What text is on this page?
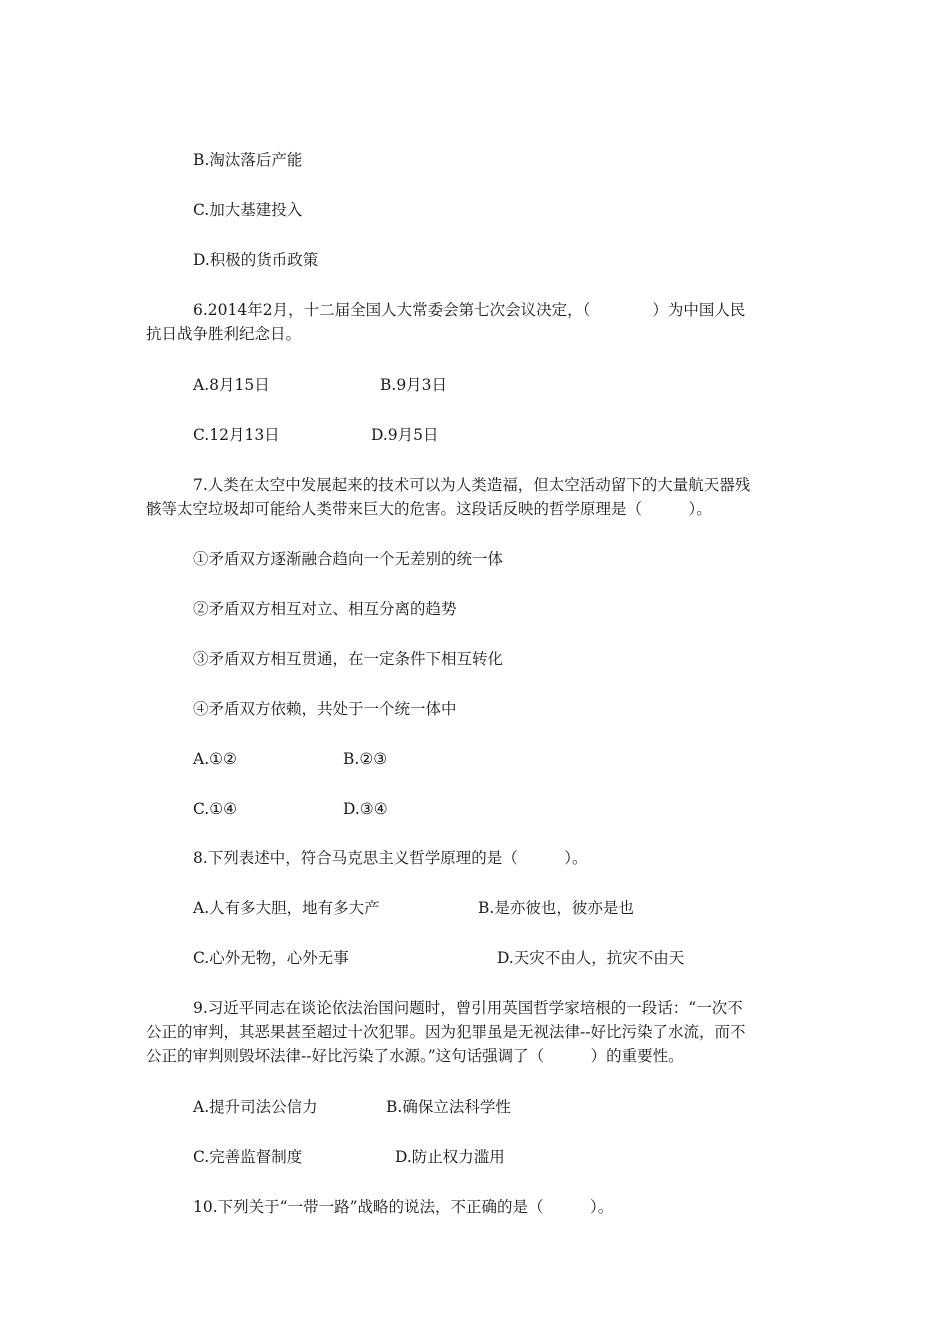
B.淘汰落后产能
C.加大基建投入
D.积极的货币政策
6.2014年2月，十二届全国人大常委会第七次会议决定，（　　　　）为中国人民
抗日战争胜利纪念日。
A.8月15日	B.9月3日
C.12月13日	D.9月5日
7.人类在太空中发展起来的技术可以为人类造福，但太空活动留下的大量航天器残
骸等太空垃圾却可能给人类带来巨大的危害。这段话反映的哲学原理是（　　　）。
①矛盾双方逐渐融合趋向一个无差别的统一体
②矛盾双方相互对立、相互分离的趋势
③矛盾双方相互贯通，在一定条件下相互转化
④矛盾双方依赖，共处于一个统一体中
A.①②	B.②③
C.①④	D.③④
8.下列表述中，符合马克思主义哲学原理的是（　　　）。
A.人有多大胆，地有多大产	B.是亦彼也，彼亦是也
C.心外无物，心外无事	D.天灾不由人，抗灾不由天
9.习近平同志在谈论依法治国问题时，曾引用英国哲学家培根的一段话：“一次不
公正的审判，其恶果甚至超过十次犯罪。因为犯罪虽是无视法律--好比污染了水流，而不
公正的审判则毁坏法律--好比污染了水源。”这句话强调了（　　　）的重要性。
A.提升司法公信力	B.确保立法科学性
C.完善监督制度	D.防止权力滥用
10.下列关于“一带一路”战略的说法，不正确的是（　　　）。
